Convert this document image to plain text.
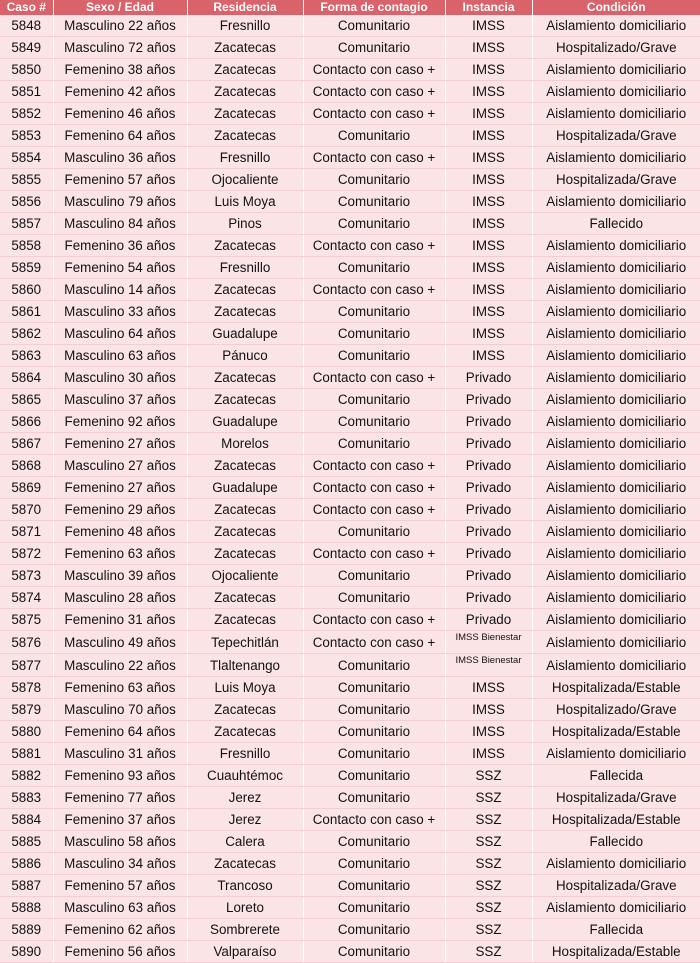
Caso #	Sexo / Edad	Residencia	Forma de contagio	Instancia	Condición
5848	Masculino 22 años	Fresnillo	Comunitario	IMSS	Aislamiento domiciliario
5849	Masculino 72 años	Zacatecas	Comunitario	IMSS	Hospitalizado/Grave
5850	Femenino 38 años	Zacatecas	Contacto con caso +	IMSS	Aislamiento domiciliario
5851	Femenino 42 años	Zacatecas	Contacto con caso +	IMSS	Aislamiento domiciliario
5852	Femenino 46 años	Zacatecas	Contacto con caso +	IMSS	Aislamiento domiciliario
5853	Femenino 64 años	Zacatecas	Comunitario	IMSS	Hospitalizada/Grave
5854	Masculino 36 años	Fresnillo	Contacto con caso +	IMSS	Aislamiento domiciliario
5855	Femenino 57 años	Ojocaliente	Comunitario	IMSS	Hospitalizada/Grave
5856	Masculino 79 años	Luis Moya	Comunitario	IMSS	Aislamiento domiciliario
5857	Masculino 84 años	Pinos	Comunitario	IMSS	Fallecido
5858	Femenino 36 años	Zacatecas	Contacto con caso +	IMSS	Aislamiento domiciliario
5859	Femenino 54 años	Fresnillo	Comunitario	IMSS	Aislamiento domiciliario
5860	Masculino 14 años	Zacatecas	Contacto con caso +	IMSS	Aislamiento domiciliario
5861	Masculino 33 años	Zacatecas	Comunitario	IMSS	Aislamiento domiciliario
5862	Masculino 64 años	Guadalupe	Comunitario	IMSS	Aislamiento domiciliario
5863	Masculino 63 años	Pánuco	Comunitario	IMSS	Aislamiento domiciliario
5864	Masculino 30 años	Zacatecas	Contacto con caso +	Privado	Aislamiento domiciliario
5865	Masculino 37 años	Zacatecas	Comunitario	Privado	Aislamiento domiciliario
5866	Femenino 92 años	Guadalupe	Comunitario	Privado	Aislamiento domiciliario
5867	Femenino 27 años	Morelos	Comunitario	Privado	Aislamiento domiciliario
5868	Masculino 27 años	Zacatecas	Contacto con caso +	Privado	Aislamiento domiciliario
5869	Femenino 27 años	Guadalupe	Contacto con caso +	Privado	Aislamiento domiciliario
5870	Femenino 29 años	Zacatecas	Contacto con caso +	Privado	Aislamiento domiciliario
5871	Femenino 48 años	Zacatecas	Comunitario	Privado	Aislamiento domiciliario
5872	Femenino 63 años	Zacatecas	Contacto con caso +	Privado	Aislamiento domiciliario
5873	Masculino 39 años	Ojocaliente	Comunitario	Privado	Aislamiento domiciliario
5874	Masculino 28 años	Zacatecas	Comunitario	Privado	Aislamiento domiciliario
5875	Femenino 31 años	Zacatecas	Contacto con caso +	Privado	Aislamiento domiciliario
5876	Masculino 49 años	Tepechitlán	Contacto con caso +	IMSS Bienestar	Aislamiento domiciliario
5877	Masculino 22 años	Tlaltenango	Comunitario	IMSS Bienestar	Aislamiento domiciliario
5878	Femenino 63 años	Luis Moya	Comunitario	IMSS	Hospitalizada/Estable
5879	Masculino 70 años	Zacatecas	Comunitario	IMSS	Hospitalizado/Grave
5880	Femenino 64 años	Zacatecas	Comunitario	IMSS	Hospitalizada/Estable
5881	Masculino 31 años	Fresnillo	Comunitario	IMSS	Aislamiento domiciliario
5882	Femenino 93 años	Cuauhtémoc	Comunitario	SSZ	Fallecida
5883	Femenino 77 años	Jerez	Comunitario	SSZ	Hospitalizada/Grave
5884	Femenino 37 años	Jerez	Contacto con caso +	SSZ	Hospitalizada/Estable
5885	Masculino 58 años	Calera	Comunitario	SSZ	Fallecido
5886	Masculino 34 años	Zacatecas	Comunitario	SSZ	Aislamiento domiciliario
5887	Femenino 57 años	Trancoso	Comunitario	SSZ	Hospitalizada/Grave
5888	Masculino 63 años	Loreto	Comunitario	SSZ	Aislamiento domiciliario
5889	Femenino 62 años	Sombrerete	Comunitario	SSZ	Fallecida
5890	Femenino 56 años	Valparaíso	Comunitario	SSZ	Hospitalizada/Estable
